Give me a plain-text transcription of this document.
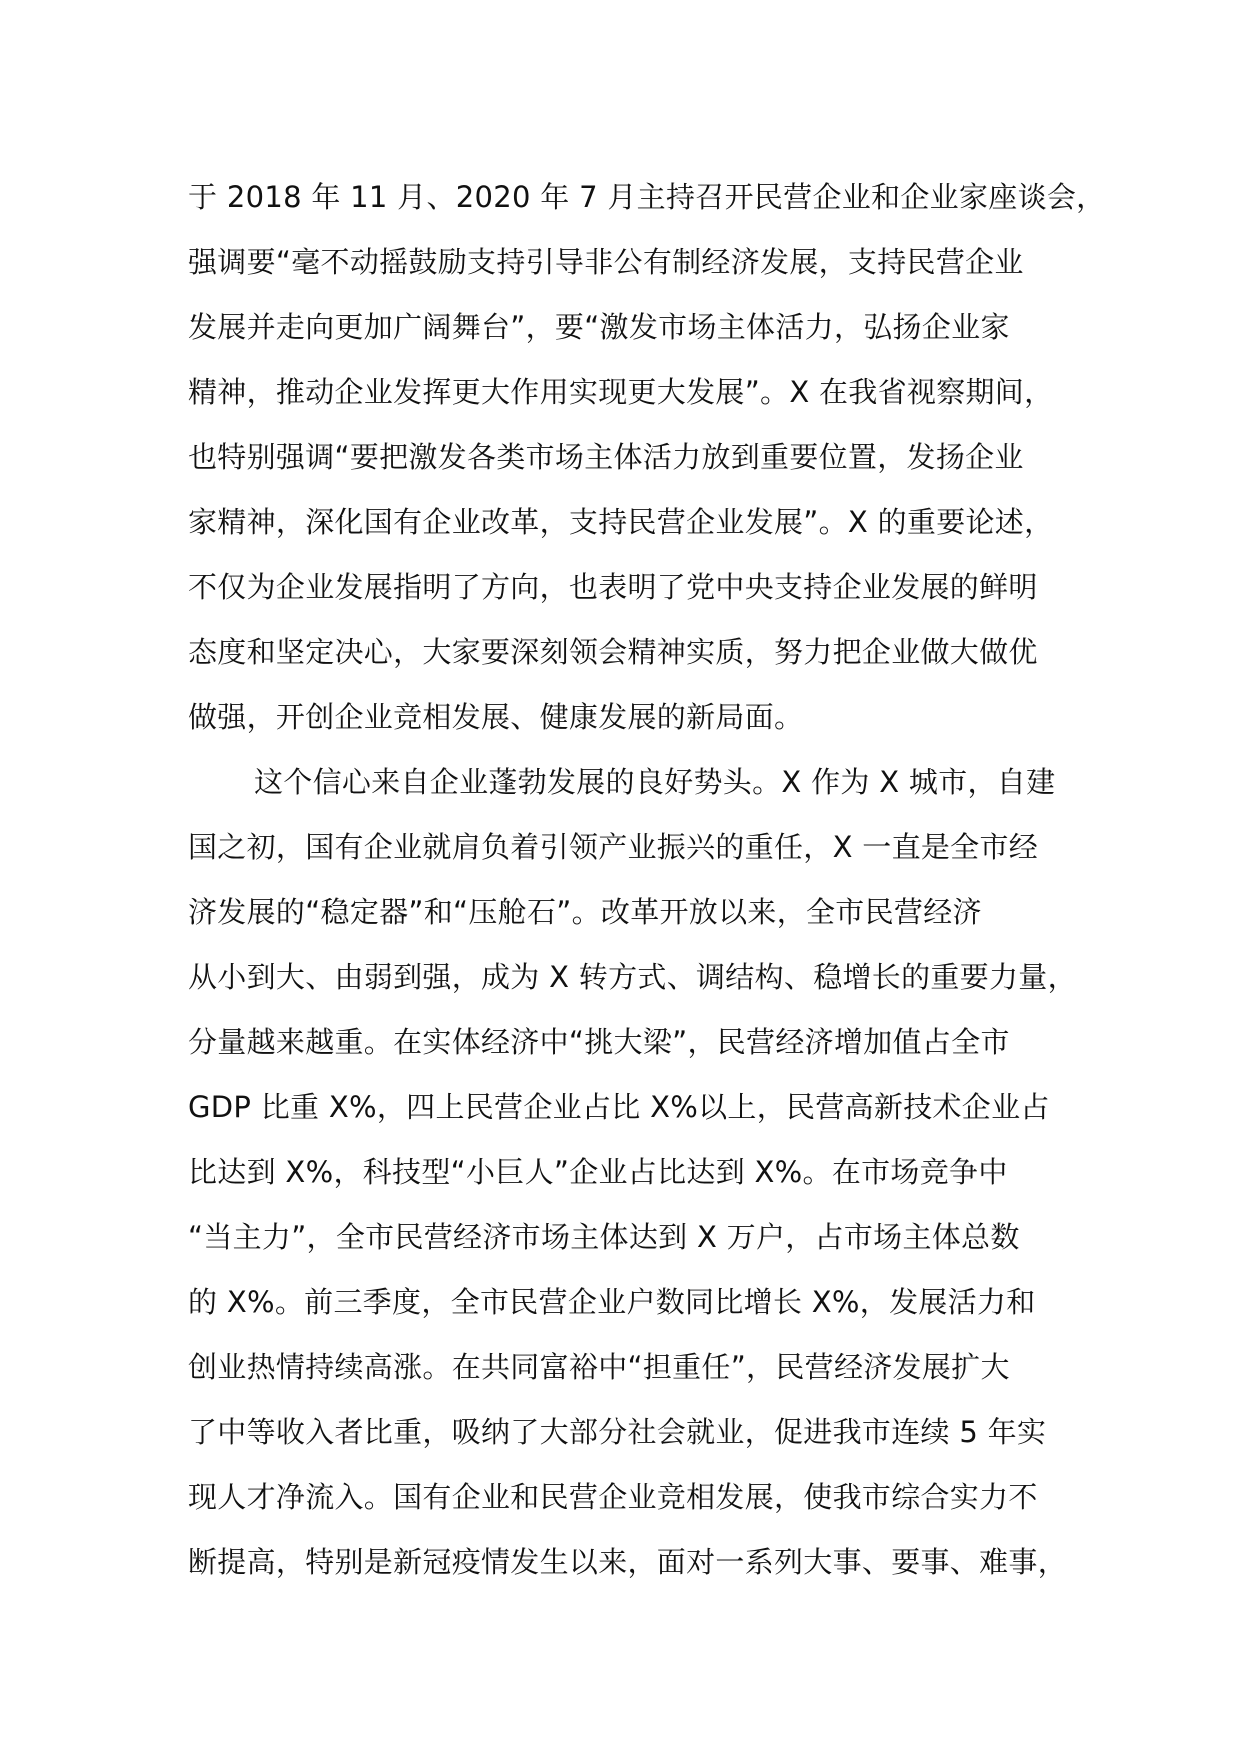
于 2018 年 11 月、2020 年 7 月主持召开民营企业和企业家座谈会，
强调要“毫不动摇鼓励支持引导非公有制经济发展，支持民营企业
发展并走向更加广阔舞台”，要“激发市场主体活力，弘扬企业家
精神，推动企业发挥更大作用实现更大发展”。X 在我省视察期间，
也特别强调“要把激发各类市场主体活力放到重要位置，发扬企业
家精神，深化国有企业改革，支持民营企业发展”。X 的重要论述，
不仅为企业发展指明了方向，也表明了党中央支持企业发展的鲜明
态度和坚定决心，大家要深刻领会精神实质，努力把企业做大做优
做强，开创企业竞相发展、健康发展的新局面。
这个信心来自企业蓬勃发展的良好势头。X 作为 X 城市，自建
国之初，国有企业就肩负着引领产业振兴的重任，X 一直是全市经
济发展的“稳定器”和“压舱石”。改革开放以来，全市民营经济
从小到大、由弱到强，成为 X 转方式、调结构、稳增长的重要力量，
分量越来越重。在实体经济中“挑大梁”，民营经济增加值占全市
GDP 比重 X%，四上民营企业占比 X%以上，民营高新技术企业占
比达到 X%，科技型“小巨人”企业占比达到 X%。在市场竞争中
“当主力”，全市民营经济市场主体达到 X 万户，占市场主体总数
的 X%。前三季度，全市民营企业户数同比增长 X%，发展活力和
创业热情持续高涨。在共同富裕中“担重任”，民营经济发展扩大
了中等收入者比重，吸纳了大部分社会就业，促进我市连续 5 年实
现人才净流入。国有企业和民营企业竞相发展，使我市综合实力不
断提高，特别是新冠疫情发生以来，面对一系列大事、要事、难事，
